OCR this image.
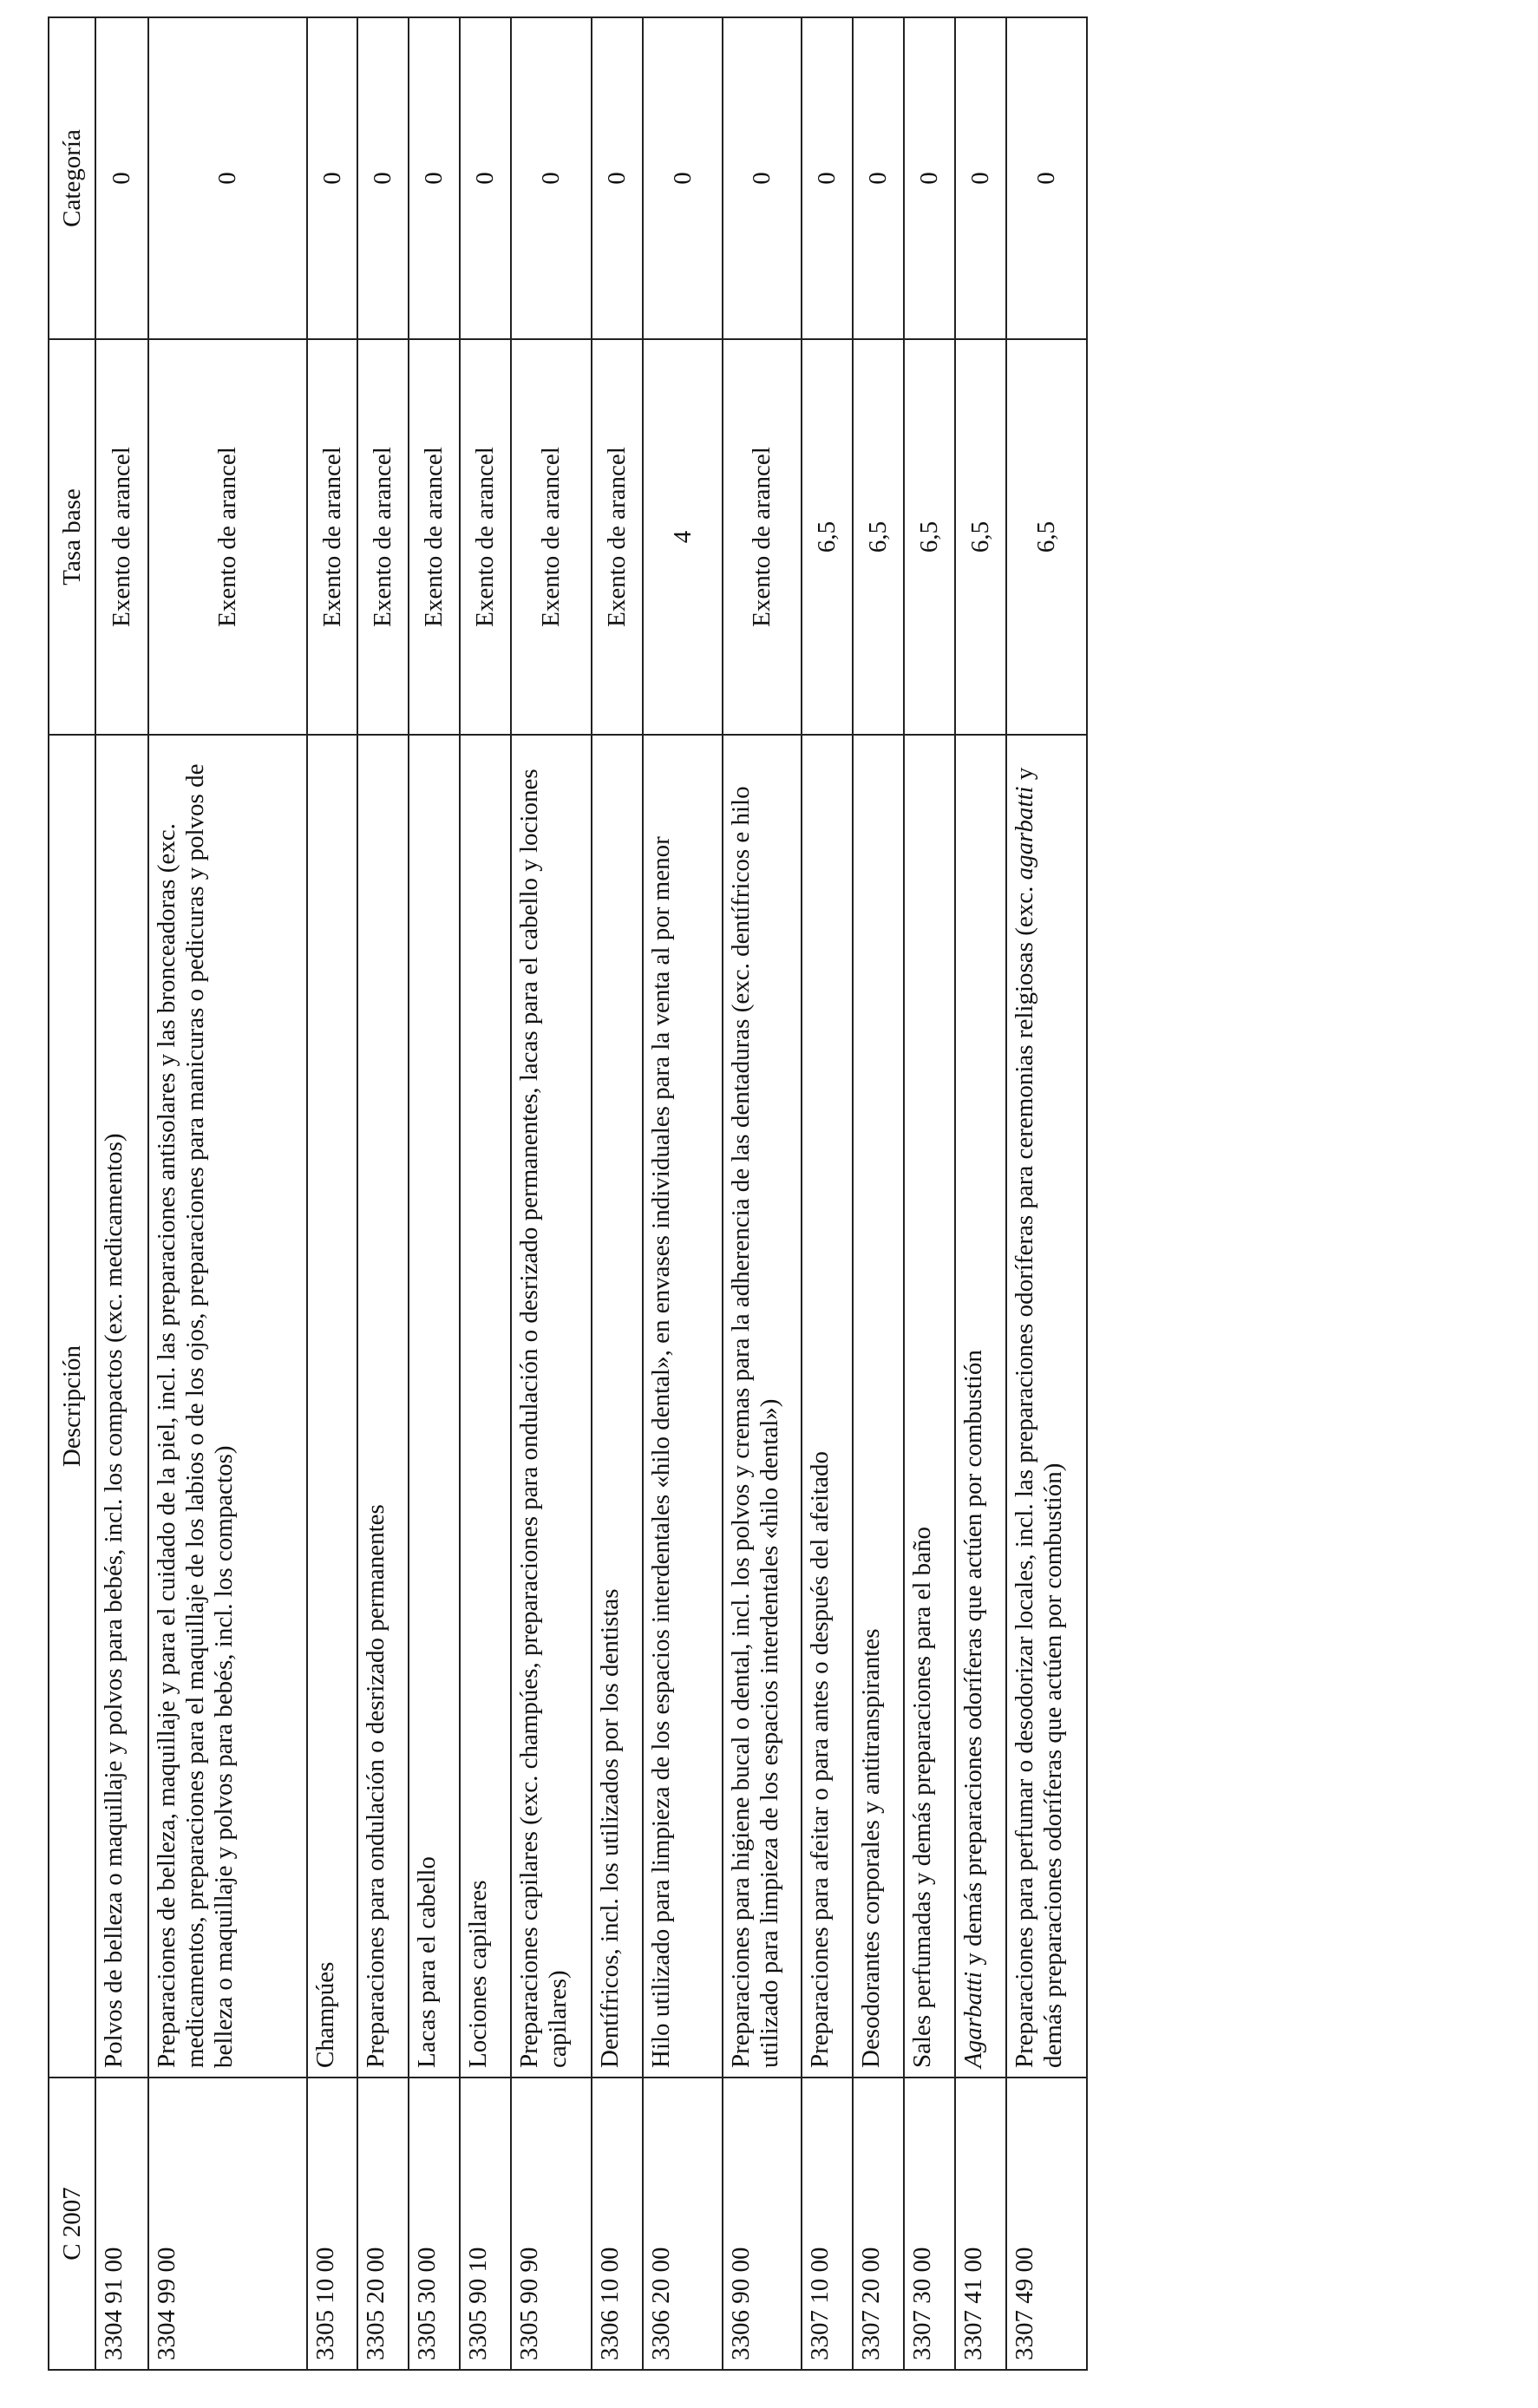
C 2007	Descripción	Tasa base	Categoría
3304 91 00	Polvos de belleza o maquillaje y polvos para bebés, incl. los compactos (exc. medicamentos)	Exento de arancel	0
3304 99 00	Preparaciones de belleza, maquillaje y para el cuidado de la piel, incl. las preparaciones antisolares y las bronceadoras (exc. medicamentos, preparaciones para el maquillaje de los labios o de los ojos, preparaciones para manicuras o pedicuras y polvos de belleza o maquillaje y polvos para bebés, incl. los compactos)	Exento de arancel	0
3305 10 00	Champúes	Exento de arancel	0
3305 20 00	Preparaciones para ondulación o desrizado permanentes	Exento de arancel	0
3305 30 00	Lacas para el cabello	Exento de arancel	0
3305 90 10	Lociones capilares	Exento de arancel	0
3305 90 90	Preparaciones capilares (exc. champúes, preparaciones para ondulación o desrizado permanentes, lacas para el cabello y lociones capilares)	Exento de arancel	0
3306 10 00	Dentífricos, incl. los utilizados por los dentistas	Exento de arancel	0
3306 20 00	Hilo utilizado para limpieza de los espacios interdentales «hilo dental», en envases individuales para la venta al por menor	4	0
3306 90 00	Preparaciones para higiene bucal o dental, incl. los polvos y cremas para la adherencia de las dentaduras (exc. dentífricos e hilo utilizado para limpieza de los espacios interdentales «hilo dental»)	Exento de arancel	0
3307 10 00	Preparaciones para afeitar o para antes o después del afeitado	6,5	0
3307 20 00	Desodorantes corporales y antitranspirantes	6,5	0
3307 30 00	Sales perfumadas y demás preparaciones para el baño	6,5	0
3307 41 00	Agarbatti y demás preparaciones odoríferas que actúen por combustión	6,5	0
3307 49 00	Preparaciones para perfumar o desodorizar locales, incl. las preparaciones odoríferas para ceremonias religiosas (exc. agarbatti y demás preparaciones odoríferas que actúen por combustión)	6,5	0
